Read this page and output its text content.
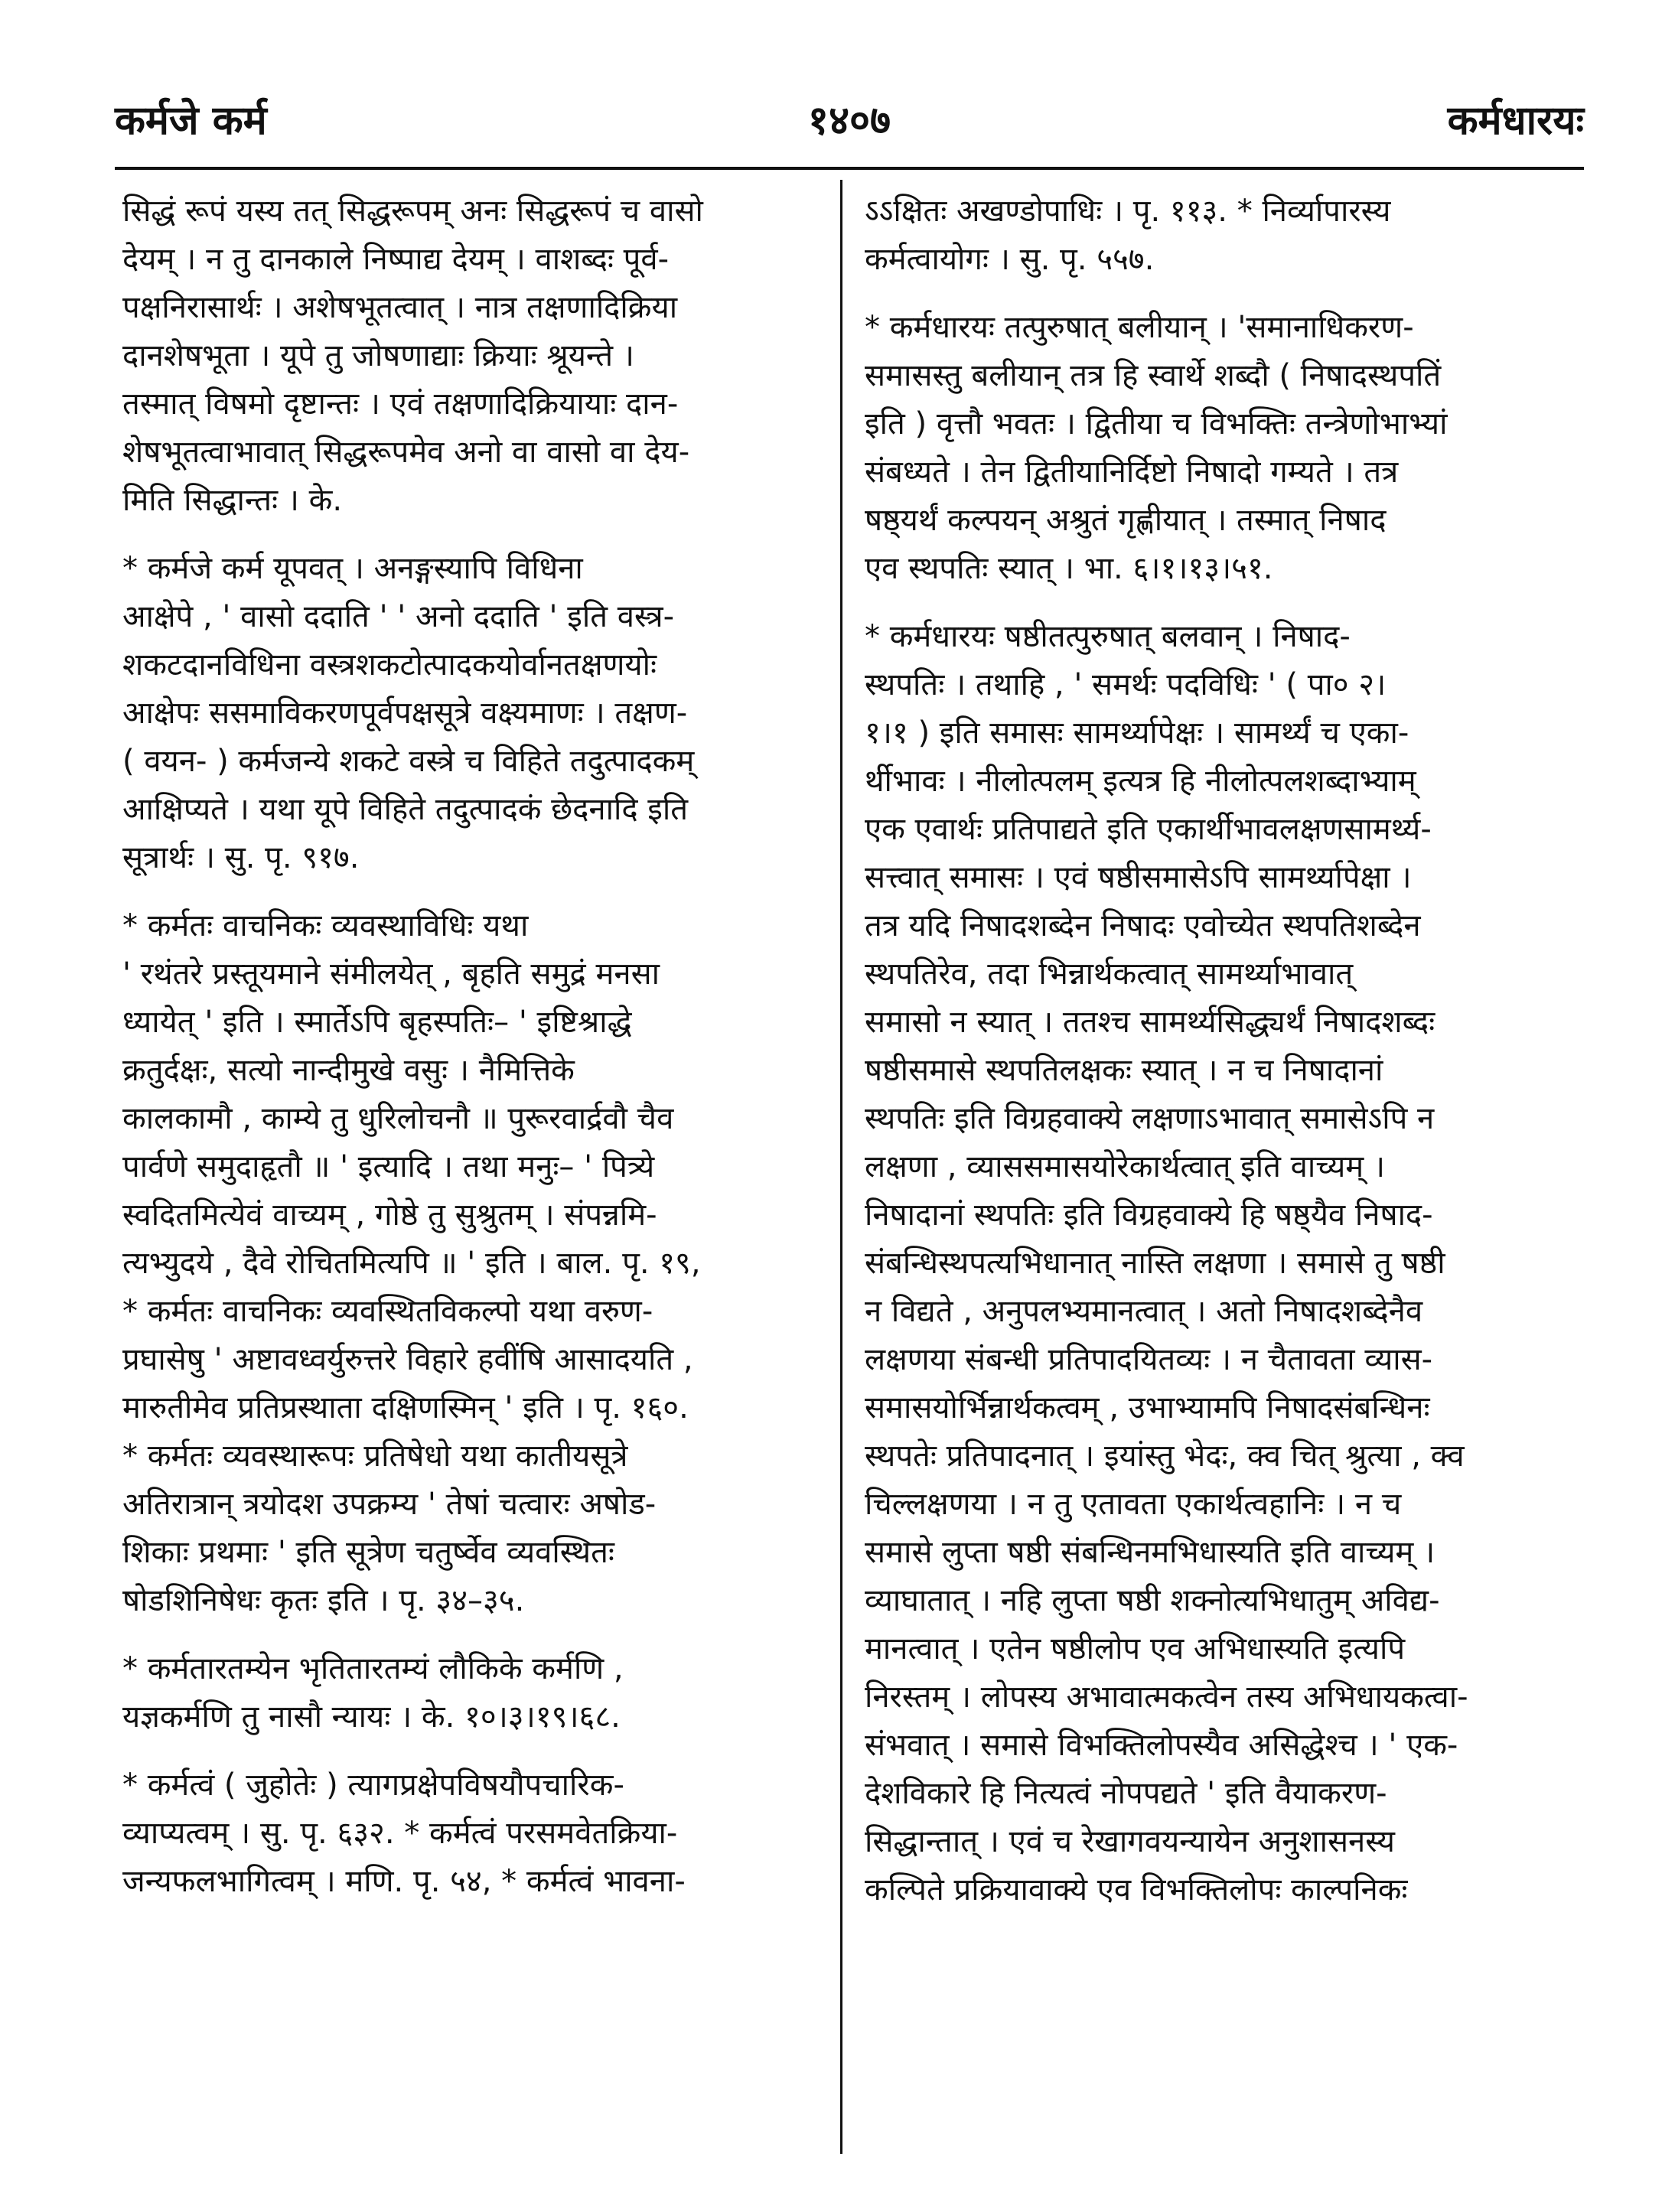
कर्मजे कर्म	१४०७	कर्मधारयः

सिद्धं रूपं यस्य तत् सिद्धरूपम् अनः सिद्धरूपं च वासो
देयम् । न तु दानकाले निष्पाद्य देयम् । वाशब्दः पूर्व-
पक्षनिरासार्थः । अशेषभूतत्वात् । नात्र तक्षणादिक्रिया
दानशेषभूता । यूपे तु जोषणाद्याः क्रियाः श्रूयन्ते ।
तस्मात् विषमो दृष्टान्तः । एवं तक्षणादिक्रियायाः दान-
शेषभूतत्वाभावात् सिद्धरूपमेव अनो वा वासो वा देय-
मिति सिद्धान्तः । के.

* कर्मजे कर्म यूपवत् । अनङ्गस्यापि विधिना
आक्षेपे , ' वासो ददाति ' ' अनो ददाति ' इति वस्त्र-
शकटदानविधिना वस्त्रशकटोत्पादकयोर्वानतक्षणयोः
आक्षेपः ससमाविकरणपूर्वपक्षसूत्रे वक्ष्यमाणः । तक्षण-
( वयन- ) कर्मजन्ये शकटे वस्त्रे च विहिते तदुत्पादकम्
आक्षिप्यते । यथा यूपे विहिते तदुत्पादकं छेदनादि इति
सूत्रार्थः । सु. पृ. ९१७.

* कर्मतः वाचनिकः व्यवस्थाविधिः यथा
' रथंतरे प्रस्तूयमाने संमीलयेत् , बृहति समुद्रं मनसा
ध्यायेत् ' इति । स्मार्तेऽपि बृहस्पतिः– ' इष्टिश्राद्धे
क्रतुर्दक्षः, सत्यो नान्दीमुखे वसुः । नैमित्तिके
कालकामौ , काम्ये तु धुरिलोचनौ ॥ पुरूरवार्द्रवौ चैव
पार्वणे समुदाहृतौ ॥ ' इत्यादि । तथा मनुः– ' पित्र्ये
स्वदितमित्येवं वाच्यम् , गोष्ठे तु सुश्रुतम् । संपन्नमि-
त्यभ्युदये , दैवे रोचितमित्यपि ॥ ' इति । बाल. पृ. १९,
* कर्मतः वाचनिकः व्यवस्थितविकल्पो यथा वरुण-
प्रघासेषु ' अष्टावध्वर्युरुत्तरे विहारे हवींषि आसादयति ,
मारुतीमेव प्रतिप्रस्थाता दक्षिणस्मिन् ' इति । पृ. १६०.
* कर्मतः व्यवस्थारूपः प्रतिषेधो यथा कातीयसूत्रे
अतिरात्रान् त्रयोदश उपक्रम्य ' तेषां चत्वारः अषोड-
शिकाः प्रथमाः ' इति सूत्रेण चतुर्ष्वेव व्यवस्थितः
षोडशिनिषेधः कृतः इति । पृ. ३४–३५.

* कर्मतारतम्येन भृतितारतम्यं लौकिके कर्मणि ,
यज्ञकर्मणि तु नासौ न्यायः । के. १०।३।१९।६८.

* कर्मत्वं ( जुहोतेः ) त्यागप्रक्षेपविषयौपचारिक-
व्याप्यत्वम् । सु. पृ. ६३२. * कर्मत्वं परसमवेतक्रिया-
जन्यफलभागित्वम् । मणि. पृ. ५४, * कर्मत्वं भावना-

ऽऽक्षितः अखण्डोपाधिः । पृ. ११३. * निर्व्यापारस्य
कर्मत्वायोगः । सु. पृ. ५५७.

* कर्मधारयः तत्पुरुषात् बलीयान् । 'समानाधिकरण-
समासस्तु बलीयान् तत्र हि स्वार्थे शब्दौ ( निषादस्थपतिं
इति ) वृत्तौ भवतः । द्वितीया च विभक्तिः तन्त्रेणोभाभ्यां
संबध्यते । तेन द्वितीयानिर्दिष्टो निषादो गम्यते । तत्र
षष्ठ्यर्थं कल्पयन् अश्रुतं गृह्णीयात् । तस्मात् निषाद
एव स्थपतिः स्यात् । भा. ६।१।१३।५१.

* कर्मधारयः षष्ठीतत्पुरुषात् बलवान् । निषाद-
स्थपतिः । तथाहि , ' समर्थः पदविधिः ' ( पा० २।
१।१ ) इति समासः सामर्थ्यापेक्षः । सामर्थ्यं च एका-
र्थीभावः । नीलोत्पलम् इत्यत्र हि नीलोत्पलशब्दाभ्याम्
एक एवार्थः प्रतिपाद्यते इति एकार्थीभावलक्षणसामर्थ्य-
सत्त्वात् समासः । एवं षष्ठीसमासेऽपि सामर्थ्यापेक्षा ।
तत्र यदि निषादशब्देन निषादः एवोच्येत स्थपतिशब्देन
स्थपतिरेव, तदा भिन्नार्थकत्वात् सामर्थ्याभावात्
समासो न स्यात् । ततश्च सामर्थ्यसिद्ध्यर्थं निषादशब्दः
षष्ठीसमासे स्थपतिलक्षकः स्यात् । न च निषादानां
स्थपतिः इति विग्रहवाक्ये लक्षणाऽभावात् समासेऽपि न
लक्षणा , व्याससमासयोरेकार्थत्वात् इति वाच्यम् ।
निषादानां स्थपतिः इति विग्रहवाक्ये हि षष्ठ्यैव निषाद-
संबन्धिस्थपत्यभिधानात् नास्ति लक्षणा । समासे तु षष्ठी
न विद्यते , अनुपलभ्यमानत्वात् । अतो निषादशब्देनैव
लक्षणया संबन्धी प्रतिपादयितव्यः । न चैतावता व्यास-
समासयोर्भिन्नार्थकत्वम् , उभाभ्यामपि निषादसंबन्धिनः
स्थपतेः प्रतिपादनात् । इयांस्तु भेदः, क्व चित् श्रुत्या , क्व
चिल्लक्षणया । न तु एतावता एकार्थत्वहानिः । न च
समासे लुप्ता षष्ठी संबन्धिनमभिधास्यति इति वाच्यम् ।
व्याघातात् । नहि लुप्ता षष्ठी शक्नोत्यभिधातुम् अविद्य-
मानत्वात् । एतेन षष्ठीलोप एव अभिधास्यति इत्यपि
निरस्तम् । लोपस्य अभावात्मकत्वेन तस्य अभिधायकत्वा-
संभवात् । समासे विभक्तिलोपस्यैव असिद्धेश्च । ' एक-
देशविकारे हि नित्यत्वं नोपपद्यते ' इति वैयाकरण-
सिद्धान्तात् । एवं च रेखागवयन्यायेन अनुशासनस्य
कल्पिते प्रक्रियावाक्ये एव विभक्तिलोपः काल्पनिकः
